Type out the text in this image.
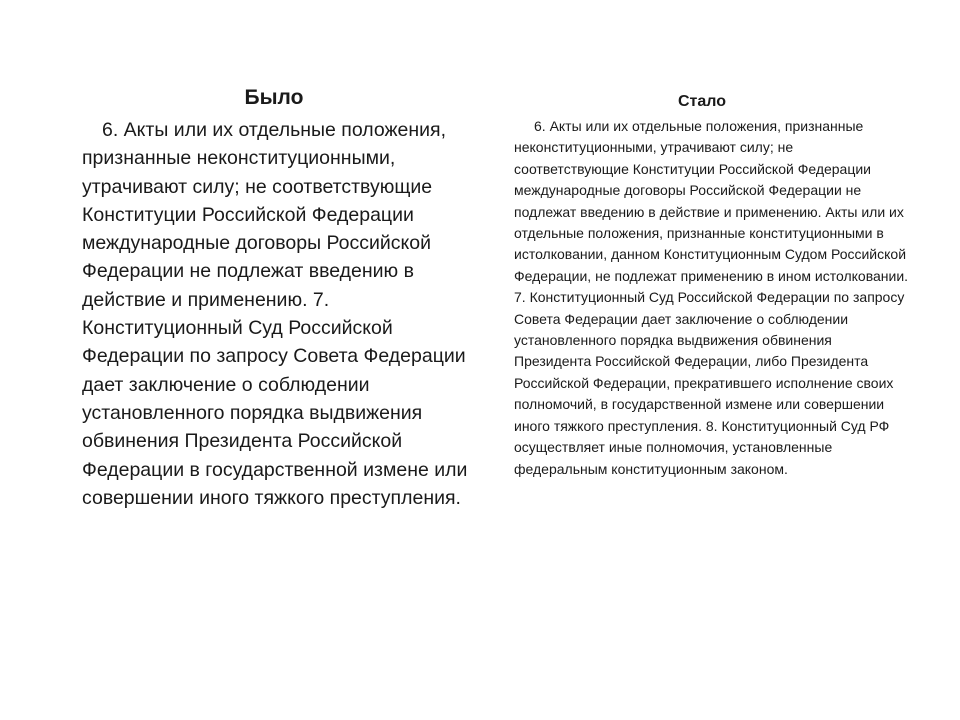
Было

6. Акты или их отдельные положения, признанные неконституционными, утрачивают силу; не соответствующие Конституции Российской Федерации международные договоры Российской Федерации не подлежат введению в действие и применению. 7. Конституционный Суд Российской Федерации по запросу Совета Федерации дает заключение о соблюдении установленного порядка выдвижения обвинения Президента Российской Федерации в государственной измене или совершении иного тяжкого преступления.

Стало

6. Акты или их отдельные положения, признанные неконституционными, утрачивают силу; не соответствующие Конституции Российской Федерации международные договоры Российской Федерации не подлежат введению в действие и применению. Акты или их отдельные положения, признанные конституционными в истолковании, данном Конституционным Судом Российской Федерации, не подлежат применению в ином истолковании. 7. Конституционный Суд Российской Федерации по запросу Совета Федерации дает заключение о соблюдении установленного порядка выдвижения обвинения Президента Российской Федерации, либо Президента Российской Федерации, прекратившего исполнение своих полномочий, в государственной измене или совершении иного тяжкого преступления. 8. Конституционный Суд РФ осуществляет иные полномочия, установленные федеральным конституционным законом.
